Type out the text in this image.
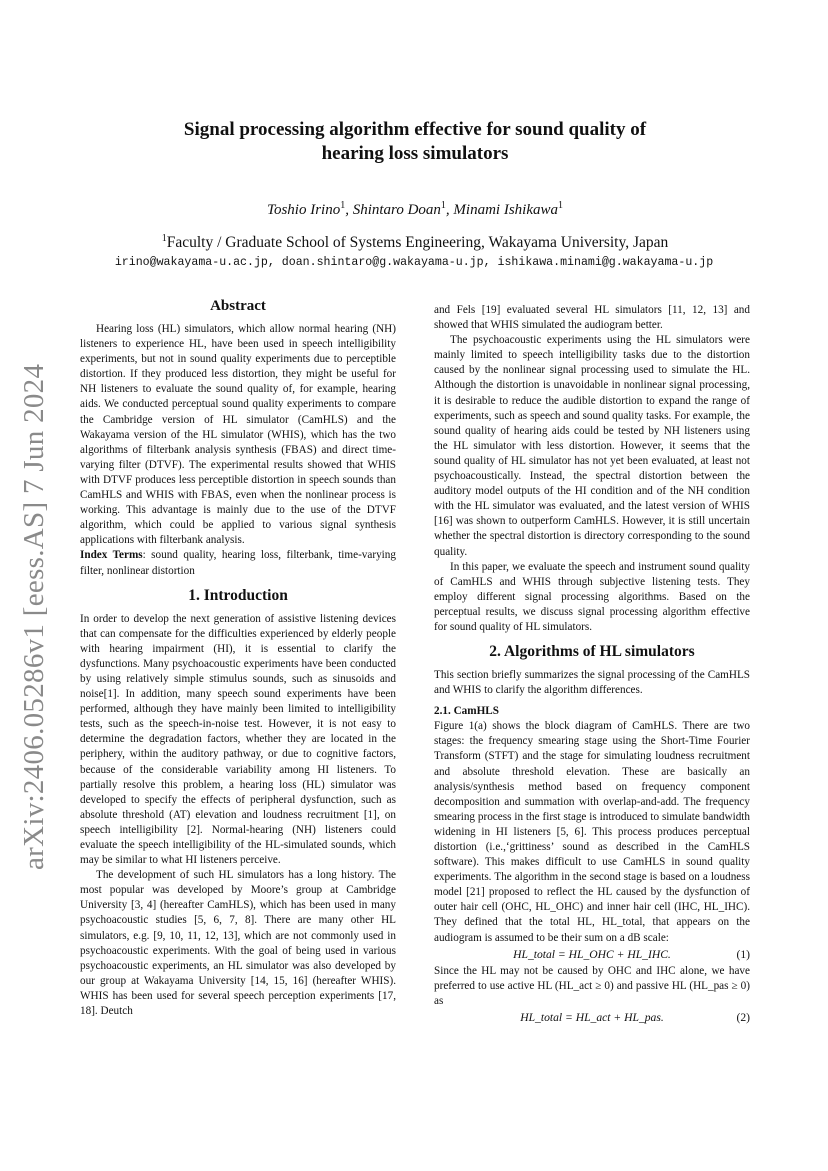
arXiv:2406.05286v1 [eess.AS] 7 Jun 2024
Signal processing algorithm effective for sound quality of
hearing loss simulators
Toshio Irino$^1$, Shintaro Doan$^1$, Minami Ishikawa$^1$
$^1$Faculty / Graduate School of Systems Engineering, Wakayama University, Japan
irino@wakayama-u.ac.jp, doan.shintaro@g.wakayama-u.jp, ishikawa.minami@g.wakayama-u.jp
Abstract

Hearing loss (HL) simulators, which allow normal hearing (NH) listeners to experience HL, have been used in speech intelligibility experiments, but not in sound quality experiments due to perceptible distortion. If they produced less distortion, they might be useful for NH listeners to evaluate the sound quality of, for example, hearing aids. We conducted perceptual sound quality experiments to compare the Cambridge version of HL simulator (CamHLS) and the Wakayama version of the HL simulator (WHIS), which has the two algorithms of filterbank analysis synthesis (FBAS) and direct time-varying filter (DTVF). The experimental results showed that WHIS with DTVF produces less perceptible distortion in speech sounds than CamHLS and WHIS with FBAS, even when the nonlinear process is working. This advantage is mainly due to the use of the DTVF algorithm, which could be applied to various signal synthesis applications with filterbank analysis.

Index Terms: sound quality, hearing loss, filterbank, time-varying filter, nonlinear distortion

1. Introduction

In order to develop the next generation of assistive listening devices that can compensate for the difficulties experienced by elderly people with hearing impairment (HI), it is essential to clarify the dysfunctions. Many psychoacoustic experiments have been conducted by using relatively simple stimulus sounds, such as sinusoids and noise[1]. In addition, many speech sound experiments have been performed, although they have mainly been limited to intelligibility tests, such as the speech-in-noise test. However, it is not easy to determine the degradation factors, whether they are located in the periphery, within the auditory pathway, or due to cognitive factors, because of the considerable variability among HI listeners. To partially resolve this problem, a hearing loss (HL) simulator was developed to specify the effects of peripheral dysfunction, such as absolute threshold (AT) elevation and loudness recruitment [1], on speech intelligibility [2]. Normal-hearing (NH) listeners could evaluate the speech intelligibility of the HL-simulated sounds, which may be similar to what HI listeners perceive.

The development of such HL simulators has a long history. The most popular was developed by Moore’s group at Cambridge University [3, 4] (hereafter CamHLS), which has been used in many psychoacoustic studies [5, 6, 7, 8]. There are many other HL simulators, e.g. [9, 10, 11, 12, 13], which are not commonly used in psychoacoustic experiments. With the goal of being used in various psychoacoustic experiments, an HL simulator was also developed by our group at Wakayama University [14, 15, 16] (hereafter WHIS). WHIS has been used for several speech perception experiments [17, 18]. Deutch

and Fels [19] evaluated several HL simulators [11, 12, 13] and showed that WHIS simulated the audiogram better.

The psychoacoustic experiments using the HL simulators were mainly limited to speech intelligibility tasks due to the distortion caused by the nonlinear signal processing used to simulate the HL. Although the distortion is unavoidable in nonlinear signal processing, it is desirable to reduce the audible distortion to expand the range of experiments, such as speech and sound quality tasks. For example, the sound quality of hearing aids could be tested by NH listeners using the HL simulator with less distortion. However, it seems that the sound quality of HL simulator has not yet been evaluated, at least not psychoacoustically. Instead, the spectral distortion between the auditory model outputs of the HI condition and of the NH condition with the HL simulator was evaluated, and the latest version of WHIS [16] was shown to outperform CamHLS. However, it is still uncertain whether the spectral distortion is directory corresponding to the sound quality.

In this paper, we evaluate the speech and instrument sound quality of CamHLS and WHIS through subjective listening tests. They employ different signal processing algorithms. Based on the perceptual results, we discuss signal processing algorithm effective for sound quality of HL simulators.

2. Algorithms of HL simulators

This section briefly summarizes the signal processing of the CamHLS and WHIS to clarify the algorithm differences.

2.1. CamHLS

Figure 1(a) shows the block diagram of CamHLS. There are two stages: the frequency smearing stage using the Short-Time Fourier Transform (STFT) and the stage for simulating loudness recruitment and absolute threshold elevation. These are basically an analysis/synthesis method based on frequency component decomposition and summation with overlap-and-add. The frequency smearing process in the first stage is introduced to simulate bandwidth widening in HI listeners [5, 6]. This process produces perceptual distortion (i.e.,‘grittiness’ sound as described in the CamHLS software). This makes difficult to use CamHLS in sound quality experiments. The algorithm in the second stage is based on a loudness model [21] proposed to reflect the HL caused by the dysfunction of outer hair cell (OHC, HL_OHC) and inner hair cell (IHC, HL_IHC). They defined that the total HL, HL_total, that appears on the audiogram is assumed to be their sum on a dB scale:

HL_total = HL_OHC + HL_IHC.	(1)

Since the HL may not be caused by OHC and IHC alone, we have preferred to use active HL (HL_act ≥ 0) and passive HL (HL_pas ≥ 0) as

HL_total = HL_act + HL_pas.	(2)
